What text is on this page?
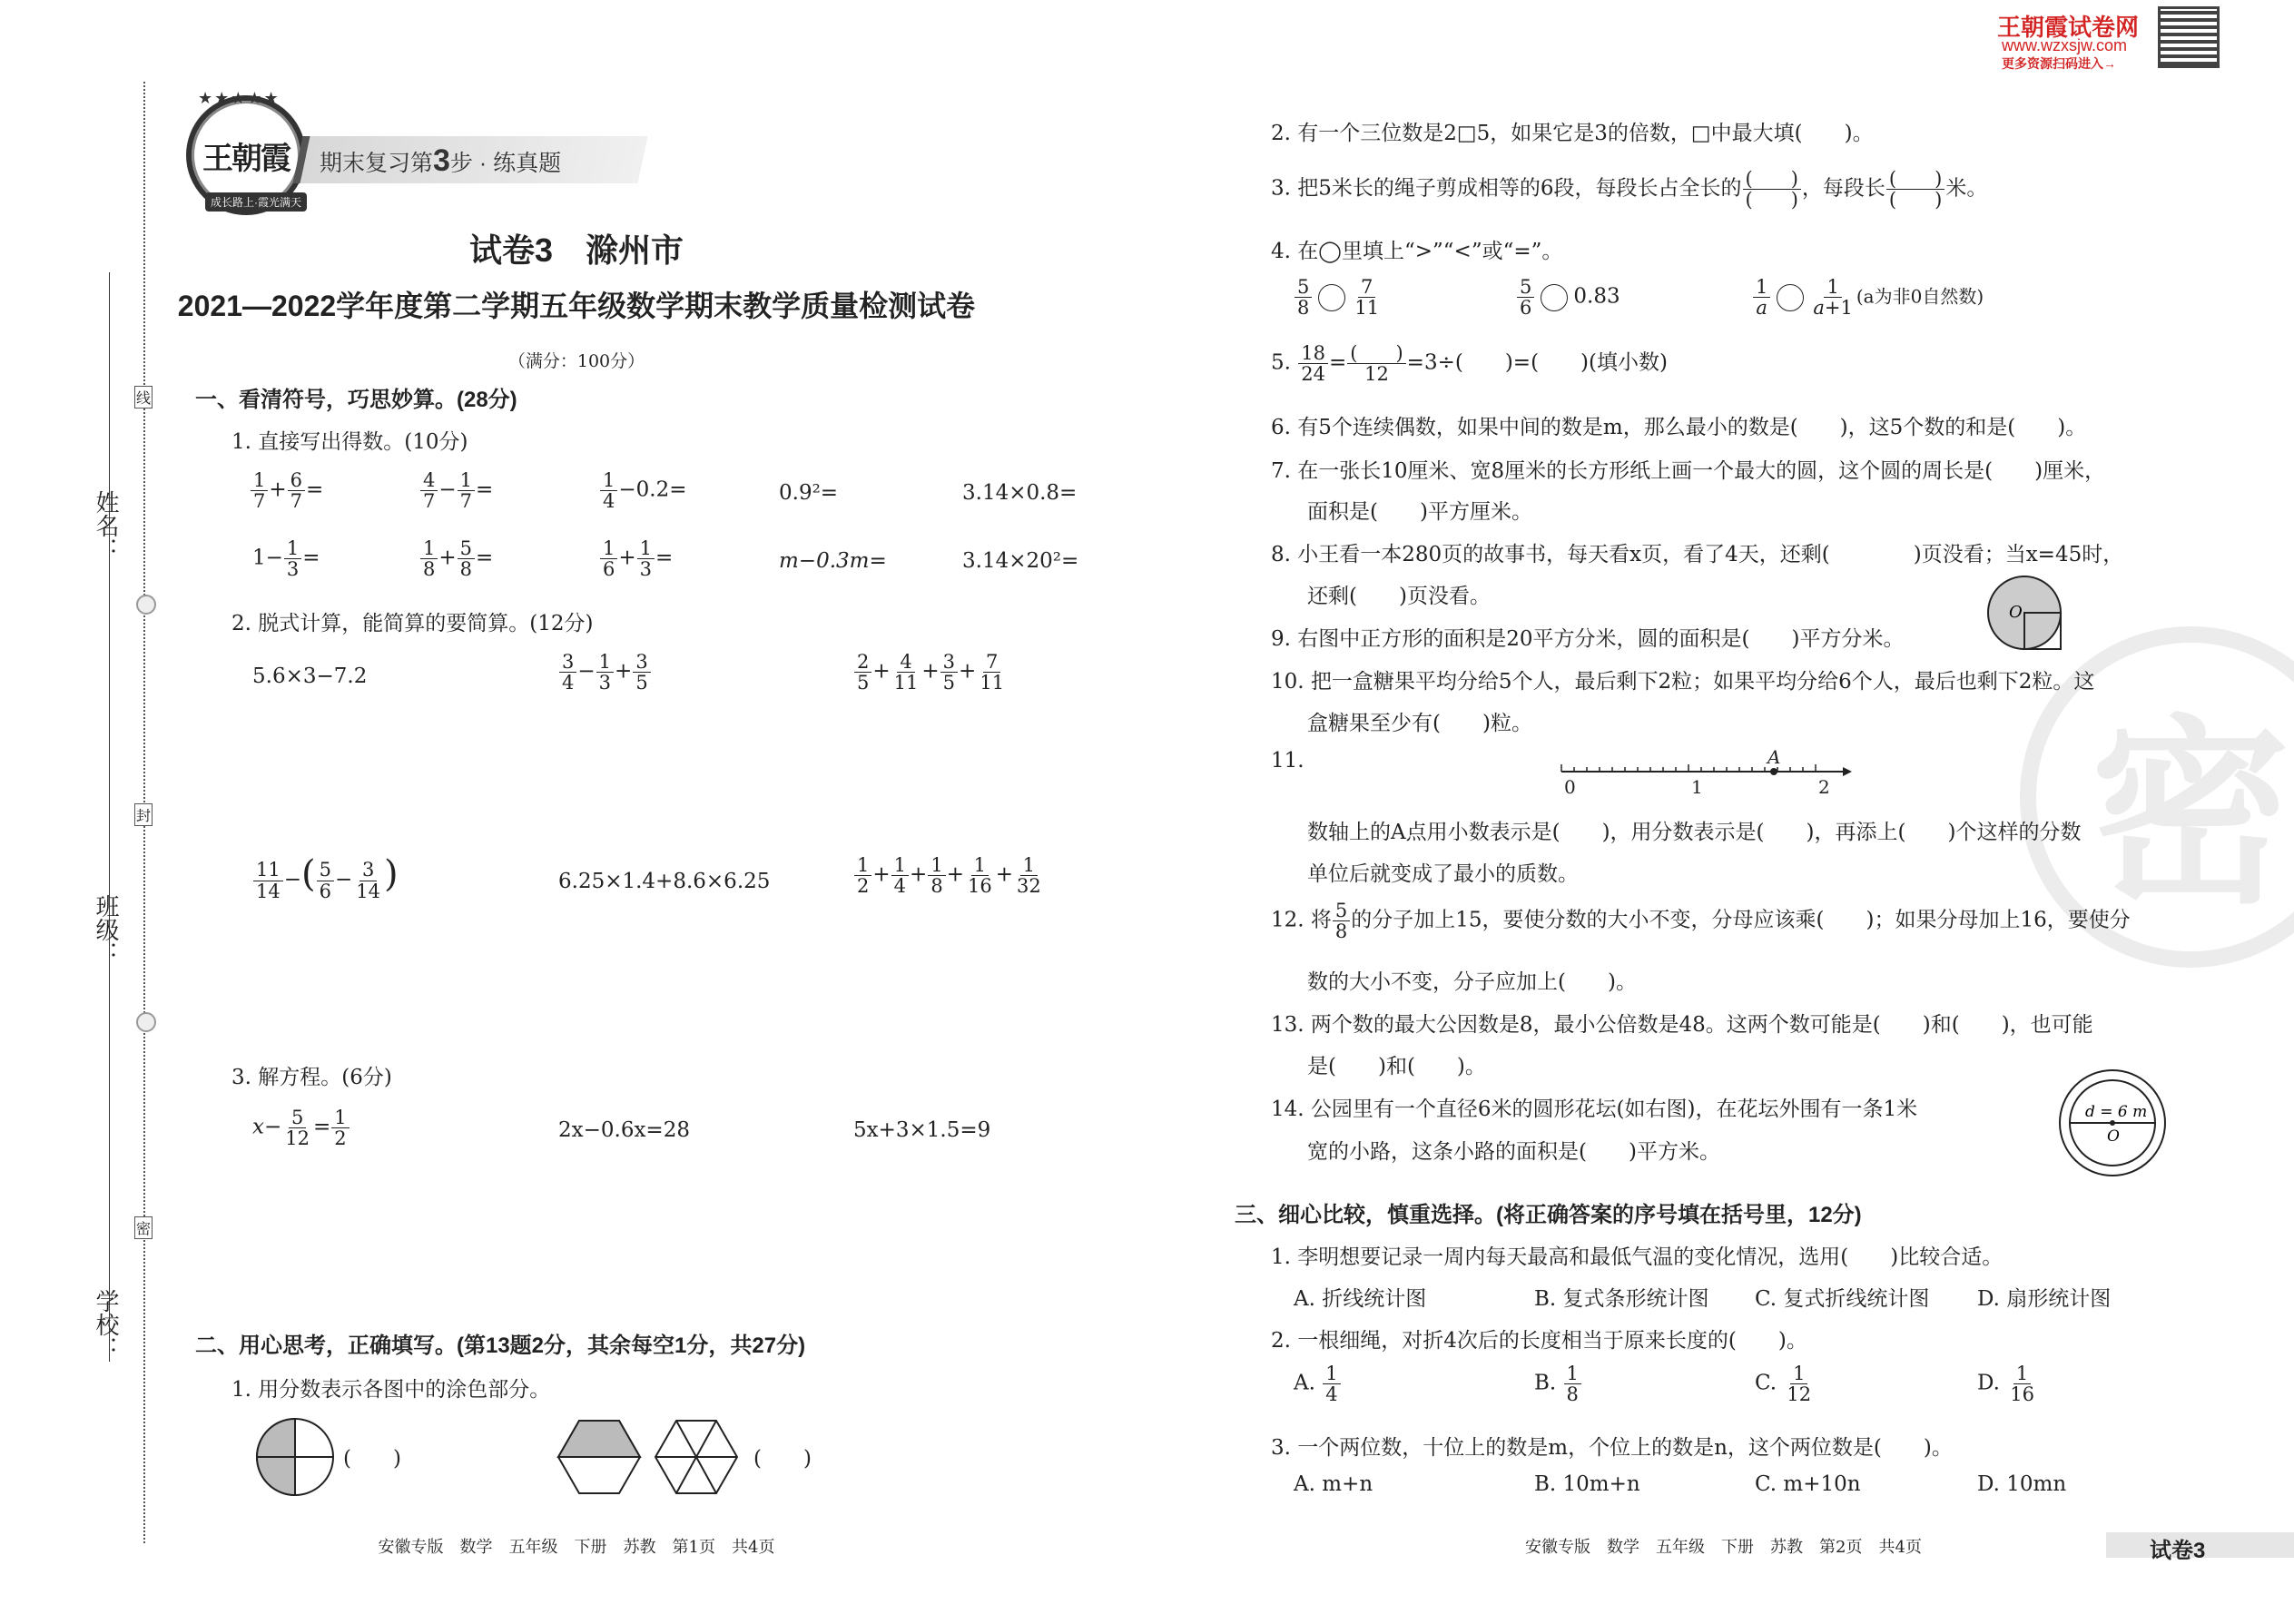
姓名：
班级：
学校：
线
封
密
王朝霞
★★★★★
成长路上·霞光满天
期末复习第3步 · 练真题
试卷3　滁州市
2021—2022学年度第二学期五年级数学期末教学质量检测试卷
（满分：100分）
一、看清符号，巧思妙算。(28分)
1. 直接写出得数。(10分)
$\frac{1}{7} + \frac{6}{7}$ =	$\frac{4}{7} - \frac{1}{7}$ =	$\frac{1}{4} -0.2=$	0.9²=	3.14×0.8=
$1- \frac{1}{3}$ =	$\frac{1}{8} + \frac{5}{8}$ =	$\frac{1}{6} + \frac{1}{3}$ =	m−0.3m=	3.14×20²=
2. 脱式计算，能简算的要简算。(12分)
5.6×3−7.2	$\frac{3}{4} - \frac{1}{3} + \frac{3}{5}$	$\frac{2}{5} + \frac{4}{11} + \frac{3}{5} + \frac{7}{11}$
$\frac{11}{14}$ −( $\frac{5}{6} - \frac{3}{14}$ )	6.25×1.4+8.6×6.25	$\frac{1}{2} + \frac{1}{4} + \frac{1}{8} + \frac{1}{16} + \frac{1}{32}$
3. 解方程。(6分)
$x- \frac{5}{12} = \frac{1}{2}$	2x−0.6x=28	5x+3×1.5=9
二、用心思考，正确填写。(第13题2分，其余每空1分，共27分)
1. 用分数表示各图中的涂色部分。
(　　)	(　　)
安徽专版　数学　五年级　下册　苏教　第1页　共4页
王朝霞试卷网
www.wzxsjw.com
更多资源扫码进入→
密
2. 有一个三位数是2□5，如果它是3的倍数，□中最大填(　　)。
3. 把5米长的绳子剪成相等的6段，每段长占全长的 $\frac{( )}{( )}$ ，每段长 $\frac{( )}{( )}$ 米。
4. 在◯里填上“>”“<”或“=”。
$\frac{5}{8} \frac{7}{11}$	$\frac{5}{6} 0.83$	$\frac{1}{a} \frac{1}{a+1} (a$为非0自然数)
5. $\frac{18}{24} = \frac{( )}{12} =3\div$(　　)=(　　)(填小数)
6. 有5个连续偶数，如果中间的数是m，那么最小的数是(　　)，这5个数的和是(　　)。
7. 在一张长10厘米、宽8厘米的长方形纸上画一个最大的圆，这个圆的周长是(　　)厘米，
面积是(　　)平方厘米。
8. 小王看一本280页的故事书，每天看x页，看了4天，还剩(　　　　)页没看；当x=45时，
还剩(　　)页没看。
9. 右图中正方形的面积是20平方分米，圆的面积是(　　)平方分米。
O
10. 把一盒糖果平均分给5个人，最后剩下2粒；如果平均分给6个人，最后也剩下2粒。这
盒糖果至少有(　　)粒。
11.
0	1	2
A
数轴上的A点用小数表示是(　　)，用分数表示是(　　)，再添上(　　)个这样的分数
单位后就变成了最小的质数。
12. 将 $\frac{5}{8}$ 的分子加上15，要使分数的大小不变，分母应该乘(　　)；如果分母加上16，要使分
数的大小不变，分子应加上(　　)。
13. 两个数的最大公因数是8，最小公倍数是48。这两个数可能是(　　)和(　　)，也可能
是(　　)和(　　)。
14. 公园里有一个直径6米的圆形花坛(如右图)，在花坛外围有一条1米
宽的小路，这条小路的面积是(　　)平方米。
d = 6 m
O
三、细心比较，慎重选择。(将正确答案的序号填在括号里，12分)
1. 李明想要记录一周内每天最高和最低气温的变化情况，选用(　　)比较合适。
A. 折线统计图	B. 复式条形统计图 C. 复式折线统计图 D. 扇形统计图
2. 一根细绳，对折4次后的长度相当于原来长度的(　　)。
A. $\frac{1}{4}$	B. $\frac{1}{8}$	C. $\frac{1}{12}$	D. $\frac{1}{16}$
3. 一个两位数，十位上的数是m，个位上的数是n，这个两位数是(　　)。
A. m+n	B. 10m+n	C. m+10n	D. 10mn
安徽专版　数学　五年级　下册　苏教　第2页　共4页	试卷3
